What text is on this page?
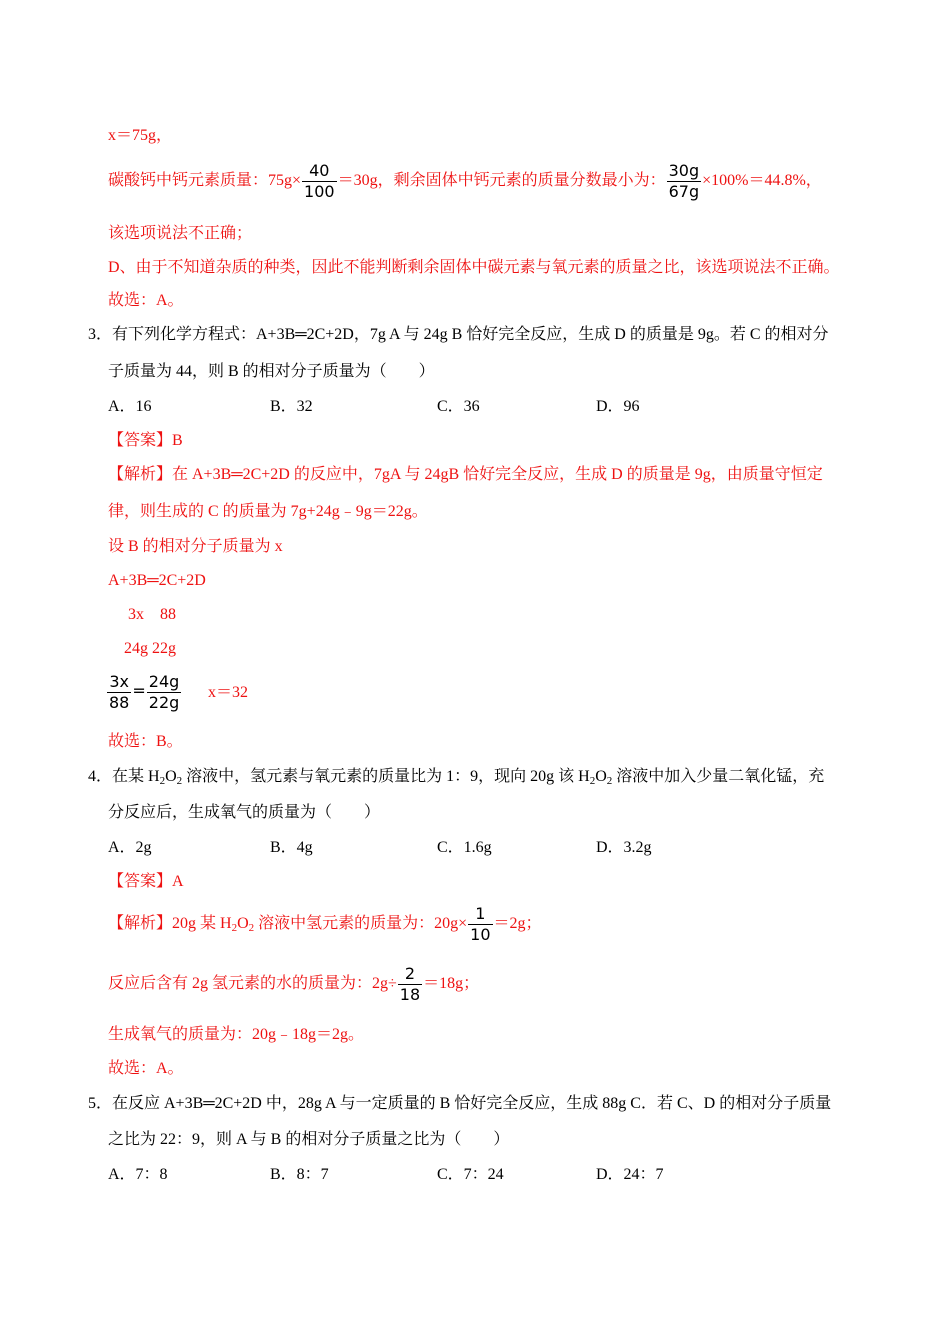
x＝75g，
碳酸钙中钙元素质量：$75g\times \frac{40}{100} =30g$，剩余固体中钙元素的质量分数最小为： $\frac{30g}{67g} \times 100\%=44.8\%$，
该选项说法不正确；
D、由于不知道杂质的种类，因此不能判断剩余固体中碳元素与氧元素的质量之比，该选项说法不正确。
故选：A。
3．有下列化学方程式：A+3B═2C+2D，7g A 与 24g B 恰好完全反应，生成 D 的质量是 9g。若 C 的相对分
子质量为 44，则 B 的相对分子质量为（　　）
A．16	B．32	C．36	D．96
【答案】B
【解析】在 A+3B═2C+2D 的反应中，7gA 与 24gB 恰好完全反应，生成 D 的质量是 9g，由质量守恒定
律，则生成的 C 的质量为 7g+24g﹣9g＝22g。
设 B 的相对分子质量为 x
A+3B═2C+2D
3x　88
24g 22g
$\frac{3x}{88} = \frac{24g}{22g} x=32$
故选：B。
4．在某 $H_2O_2$ 溶液中，氢元素与氧元素的质量比为 1：9，现向 20g 该 $H_2O_2$ 溶液中加入少量二氧化锰，充
分反应后，生成氧气的质量为（　　）
A．2g	B．4g	C．1.6g	D．3.2g
【答案】A
【解析】20g 某 $H_2O_2$ 溶液中氢元素的质量为：$20g\times \frac{1}{10} =2g$；
反应后含有 2g 氢元素的水的质量为：$2g\div \frac{2}{18} =18g$；
生成氧气的质量为：20g﹣18g＝2g。
故选：A。
5．在反应 A+3B═2C+2D 中，28g A 与一定质量的 B 恰好完全反应，生成 88g C．若 C、D 的相对分子质量
之比为 22：9，则 A 与 B 的相对分子质量之比为（　　）
A．7：8	B．8：7	C．7：24	D．24：7
